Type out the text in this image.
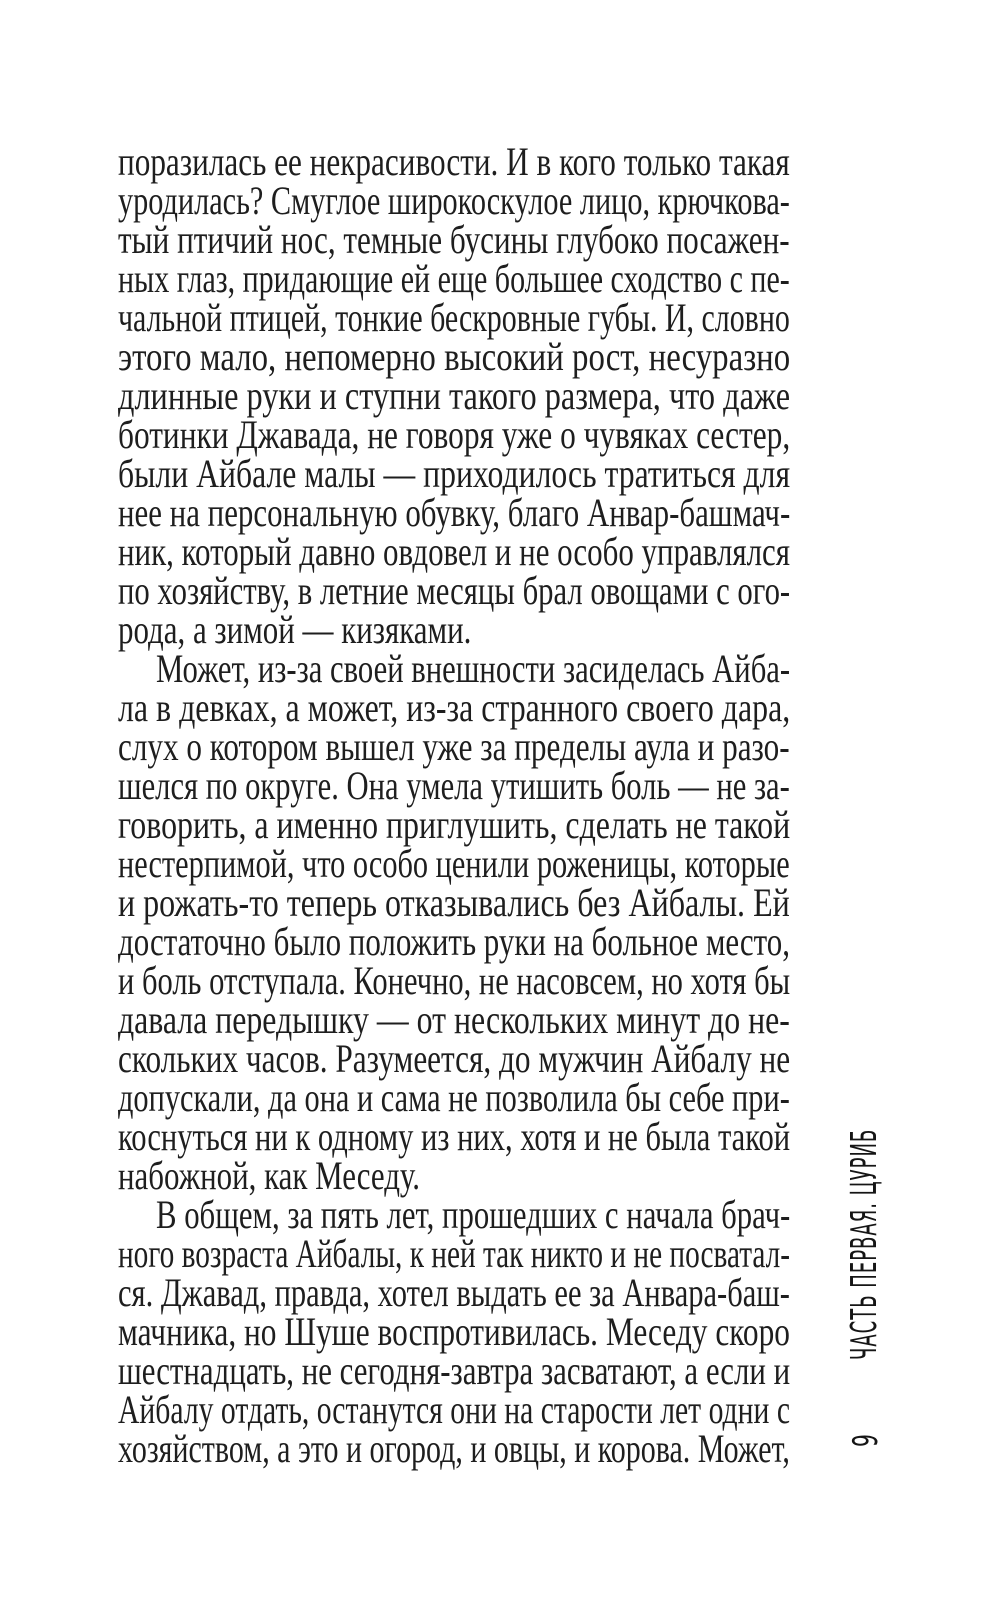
поразилась ее некрасивости. И в кого только такая
уродилась? Смуглое широкоскулое лицо, крючкова-
тый птичий нос, темные бусины глубоко посажен-
ных глаз, придающие ей еще большее сходство с пе-
чальной птицей, тонкие бескровные губы. И, словно
этого мало, непомерно высокий рост, несуразно
длинные руки и ступни такого размера, что даже
ботинки Джавада, не говоря уже о чувяках сестер,
были Айбале малы — приходилось тратиться для
нее на персональную обувку, благо Анвар-башмач-
ник, который давно овдовел и не особо управлялся
по хозяйству, в летние месяцы брал овощами с ого-
рода, а зимой — кизяками.
Может, из-за своей внешности засиделась Айба-
ла в девках, а может, из-за странного своего дара,
слух о котором вышел уже за пределы аула и разо-
шелся по округе. Она умела утишить боль — не за-
говорить, а именно приглушить, сделать не такой
нестерпимой, что особо ценили роженицы, которые
и рожать-то теперь отказывались без Айбалы. Ей
достаточно было положить руки на больное место,
и боль отступала. Конечно, не насовсем, но хотя бы
давала передышку — от нескольких минут до не-
скольких часов. Разумеется, до мужчин Айбалу не
допускали, да она и сама не позволила бы себе при-
коснуться ни к одному из них, хотя и не была такой
набожной, как Меседу.
В общем, за пять лет, прошедших с начала брач-
ного возраста Айбалы, к ней так никто и не посватал-
ся. Джавад, правда, хотел выдать ее за Анвара-баш-
мачника, но Шуше воспротивилась. Меседу скоро
шестнадцать, не сегодня-завтра засватают, а если и
Айбалу отдать, останутся они на старости лет одни с
хозяйством, а это и огород, и овцы, и корова. Может,
ЧАСТЬ ПЕРВАЯ. ЦУРИБ
9
